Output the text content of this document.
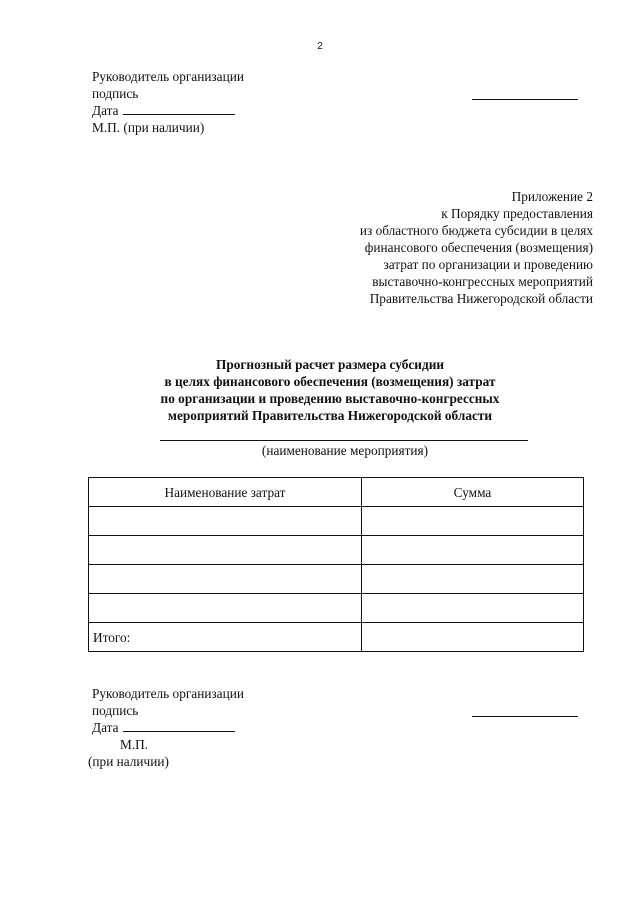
2
Руководитель организации
подпись
Дата
М.П. (при наличии)
Приложение 2
к Порядку предоставления
из областного бюджета субсидии в целях
финансового обеспечения (возмещения)
затрат по организации и проведению
выставочно-конгрессных мероприятий
Правительства Нижегородской области
Прогнозный расчет размера субсидии
в целях финансового обеспечения (возмещения) затрат
по организации и проведению выставочно-конгрессных
мероприятий Правительства Нижегородской области
(наименование мероприятия)
Наименование затрат	Сумма

Итого:	
Руководитель организации
подпись
Дата
М.П.
(при наличии)
